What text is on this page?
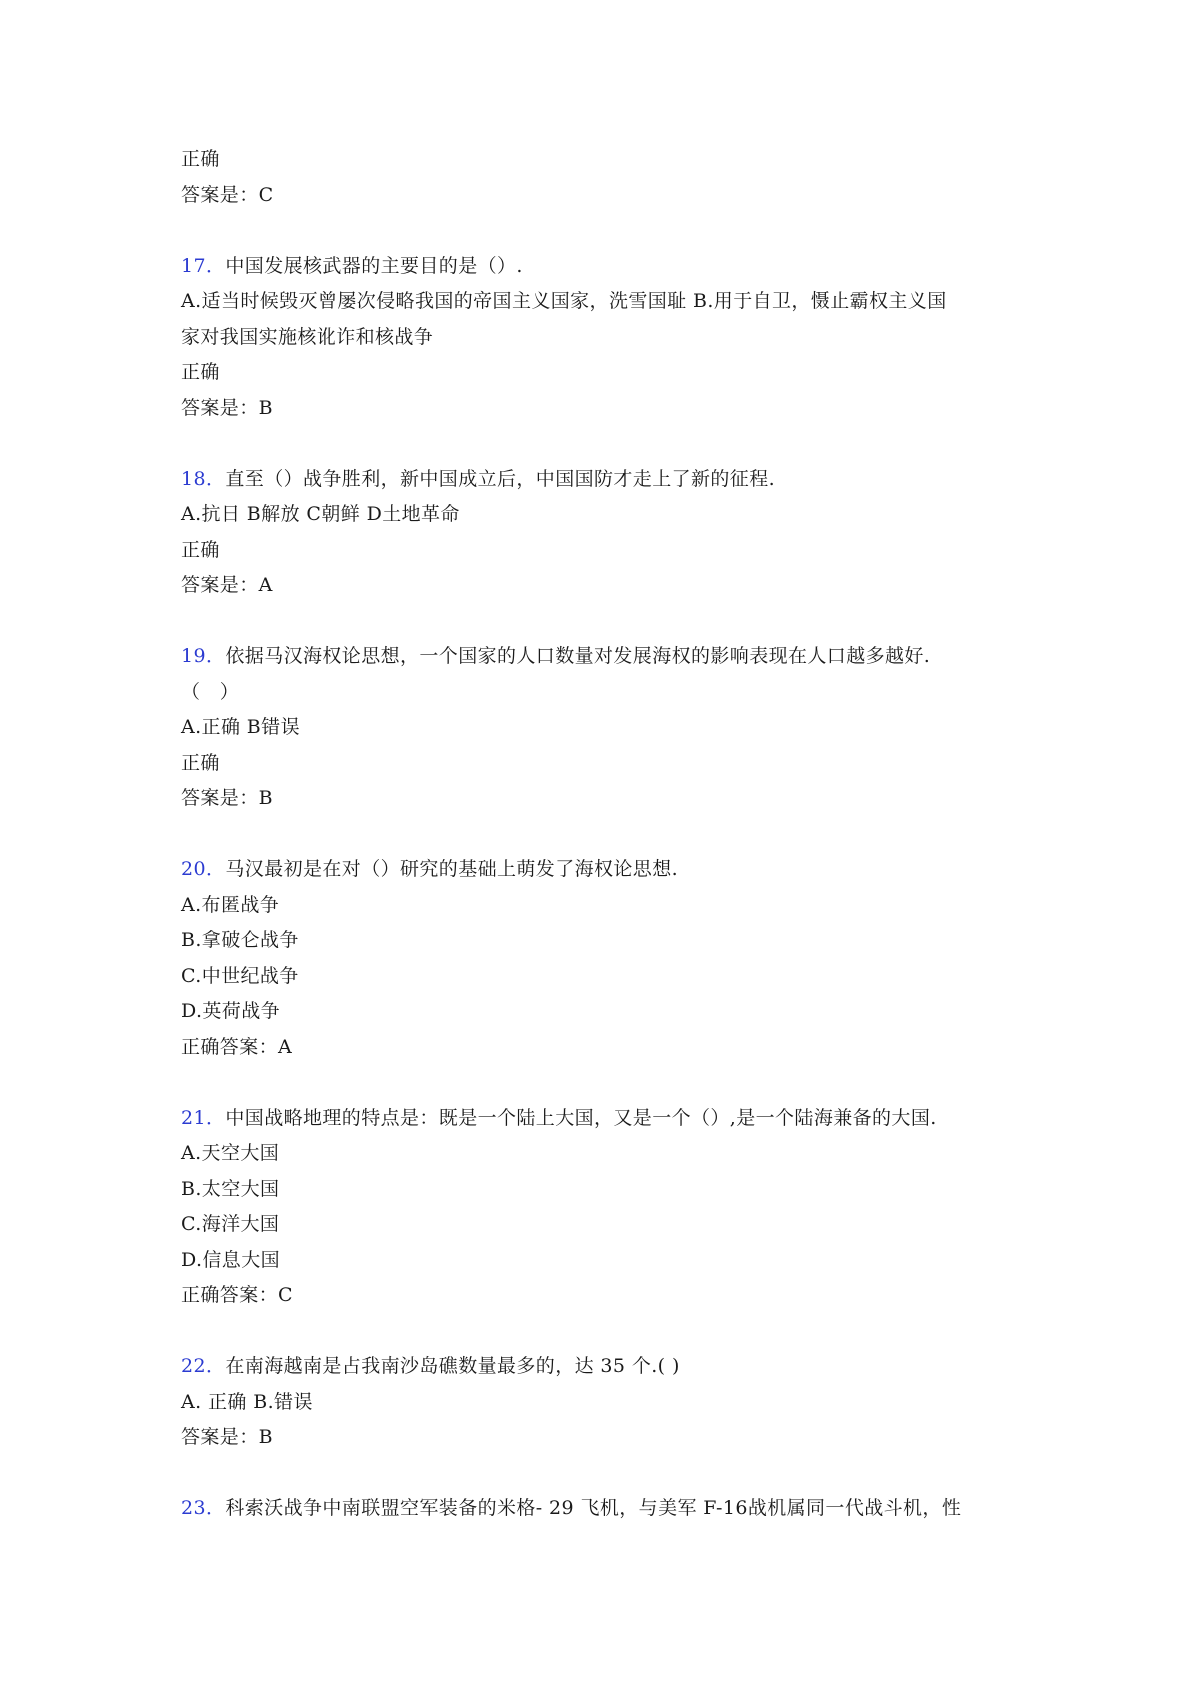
正确
答案是：C
17．中国发展核武器的主要目的是（）.
A.适当时候毁灭曾屡次侵略我国的帝国主义国家，洗雪国耻 B.用于自卫，慑止霸权主义国
家对我国实施核讹诈和核战争
正确
答案是：B
18．直至（）战争胜利，新中国成立后，中国国防才走上了新的征程.
A.抗日 B解放 C朝鲜 D土地革命
正确
答案是：A
19．依据马汉海权论思想，一个国家的人口数量对发展海权的影响表现在人口越多越好.
（　）
A.正确 B错误
正确
答案是：B
20．马汉最初是在对（）研究的基础上萌发了海权论思想.
A.布匿战争
B.拿破仑战争
C.中世纪战争
D.英荷战争
正确答案：A
21．中国战略地理的特点是：既是一个陆上大国，又是一个（）,是一个陆海兼备的大国.
A.天空大国
B.太空大国
C.海洋大国
D.信息大国
正确答案：C
22．在南海越南是占我南沙岛礁数量最多的，达 35 个.( )
A. 正确 B.错误
答案是：B
23．科索沃战争中南联盟空军装备的米格- 29 飞机，与美军 F-16战机属同一代战斗机，性
